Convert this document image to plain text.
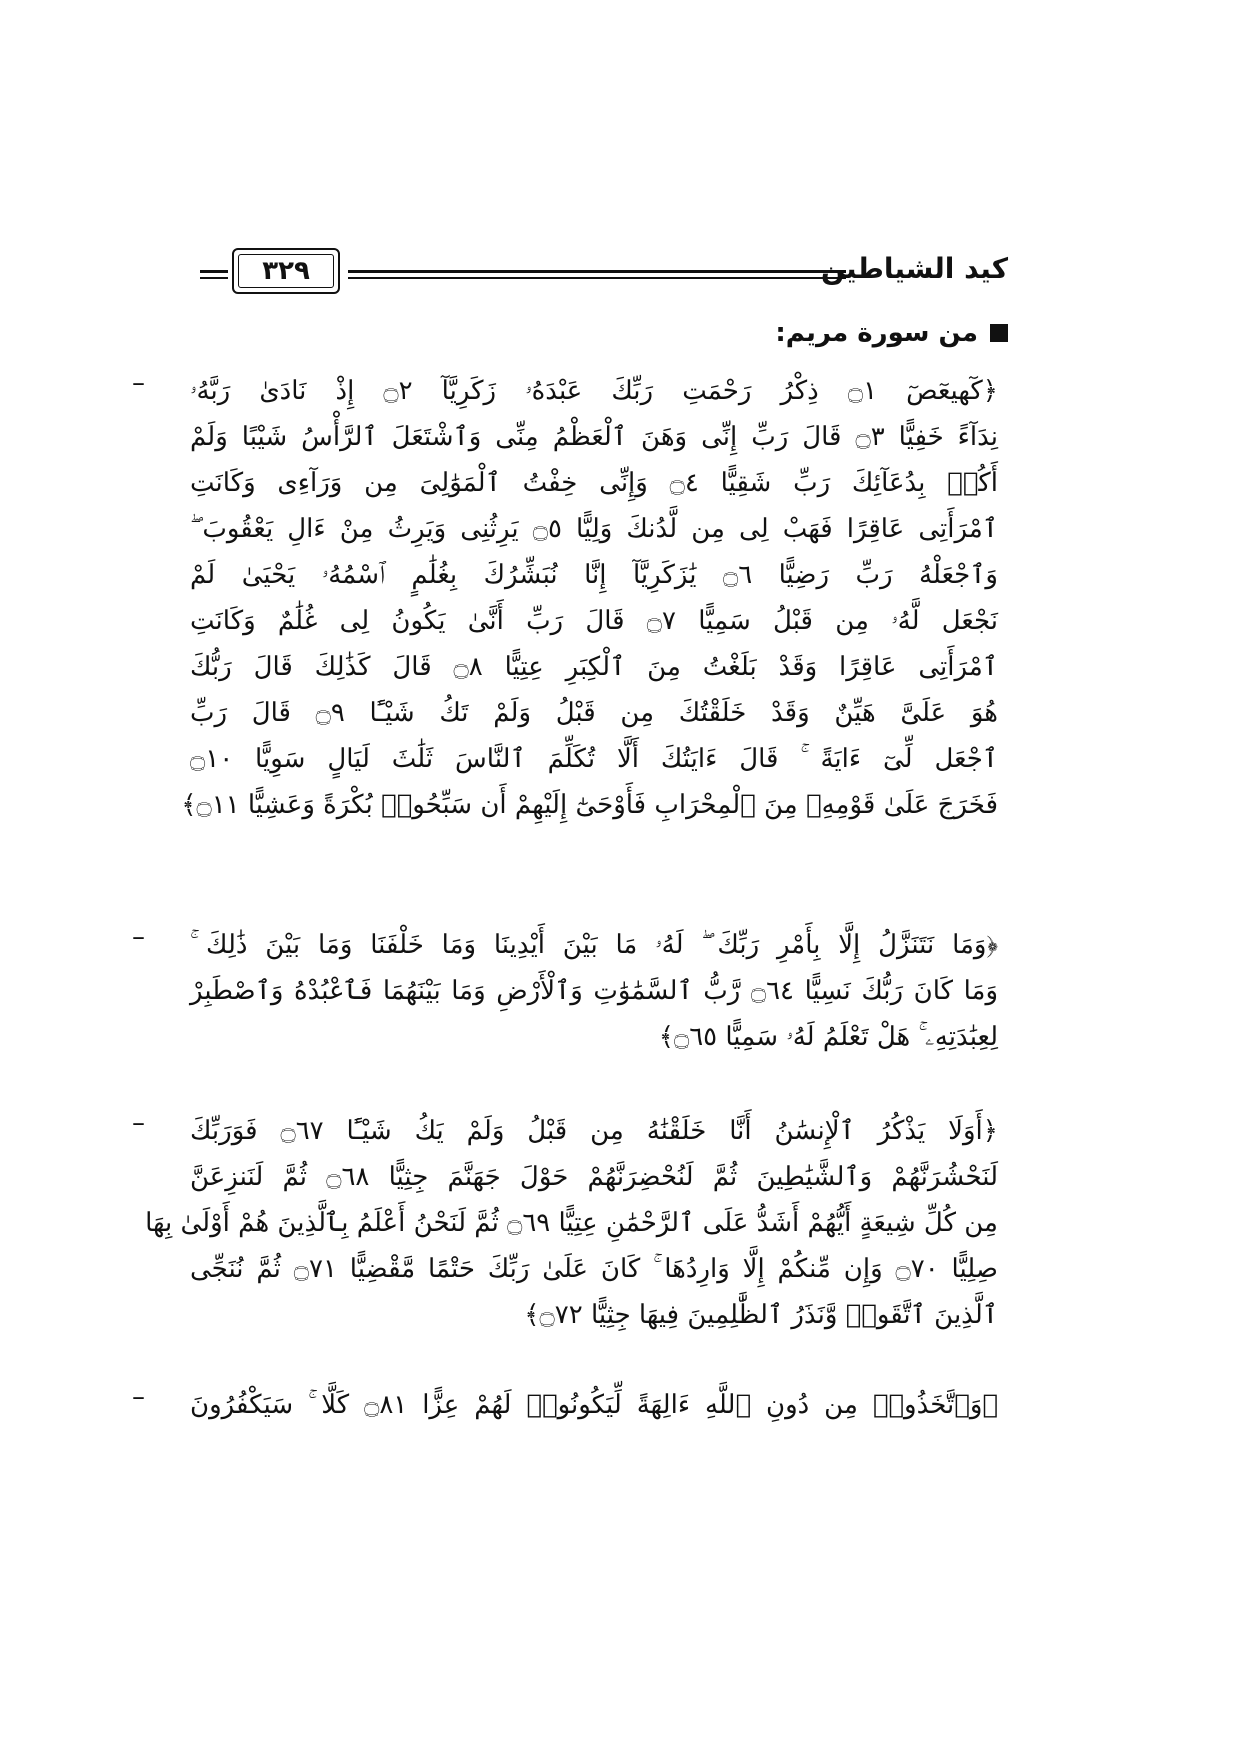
كيد الشياطين
٣٢٩
من سورة مريم:
– ﴿كٓهيعٓصٓ ۝١ ذِكْرُ رَحْمَتِ رَبِّكَ عَبْدَهُۥ زَكَرِيَّآ ۝٢ إِذْ نَادَىٰ رَبَّهُۥ
نِدَآءً خَفِيًّا ۝٣ قَالَ رَبِّ إِنِّى وَهَنَ ٱلْعَظْمُ مِنِّى وَٱشْتَعَلَ ٱلرَّأْسُ شَيْبًا وَلَمْ
أَكُنۢ بِدُعَآئِكَ رَبِّ شَقِيًّا ۝٤ وَإِنِّى خِفْتُ ٱلْمَوَٰلِىَ مِن وَرَآءِى وَكَانَتِ
ٱمْرَأَتِى عَاقِرًا فَهَبْ لِى مِن لَّدُنكَ وَلِيًّا ۝٥ يَرِثُنِى وَيَرِثُ مِنْ ءَالِ يَعْقُوبَ ۖ
وَٱجْعَلْهُ رَبِّ رَضِيًّا ۝٦ يَٰزَكَرِيَّآ إِنَّا نُبَشِّرُكَ بِغُلَٰمٍ ٱسْمُهُۥ يَحْيَىٰ لَمْ
نَجْعَل لَّهُۥ مِن قَبْلُ سَمِيًّا ۝٧ قَالَ رَبِّ أَنَّىٰ يَكُونُ لِى غُلَٰمٌ وَكَانَتِ
ٱمْرَأَتِى عَاقِرًا وَقَدْ بَلَغْتُ مِنَ ٱلْكِبَرِ عِتِيًّا ۝٨ قَالَ كَذَٰلِكَ قَالَ رَبُّكَ
هُوَ عَلَىَّ هَيِّنٌ وَقَدْ خَلَقْتُكَ مِن قَبْلُ وَلَمْ تَكُ شَيْـًٔا ۝٩ قَالَ رَبِّ
ٱجْعَل لِّىٓ ءَايَةً ۚ قَالَ ءَايَتُكَ أَلَّا تُكَلِّمَ ٱلنَّاسَ ثَلَٰثَ لَيَالٍ سَوِيًّا ۝١٠
فَخَرَجَ عَلَىٰ قَوْمِهِۦ مِنَ ٱلْمِحْرَابِ فَأَوْحَىٰٓ إِلَيْهِمْ أَن سَبِّحُوا۟ بُكْرَةً وَعَشِيًّا ۝١١﴾
– ﴿وَمَا نَتَنَزَّلُ إِلَّا بِأَمْرِ رَبِّكَ ۖ لَهُۥ مَا بَيْنَ أَيْدِينَا وَمَا خَلْفَنَا وَمَا بَيْنَ ذَٰلِكَ ۚ
وَمَا كَانَ رَبُّكَ نَسِيًّا ۝٦٤ رَّبُّ ٱلسَّمَٰوَٰتِ وَٱلْأَرْضِ وَمَا بَيْنَهُمَا فَٱعْبُدْهُ وَٱصْطَبِرْ
لِعِبَٰدَتِهِۦ ۚ هَلْ تَعْلَمُ لَهُۥ سَمِيًّا ۝٦٥﴾
– ﴿أَوَلَا يَذْكُرُ ٱلْإِنسَٰنُ أَنَّا خَلَقْنَٰهُ مِن قَبْلُ وَلَمْ يَكُ شَيْـًٔا ۝٦٧ فَوَرَبِّكَ
لَنَحْشُرَنَّهُمْ وَٱلشَّيَٰطِينَ ثُمَّ لَنُحْضِرَنَّهُمْ حَوْلَ جَهَنَّمَ جِثِيًّا ۝٦٨ ثُمَّ لَنَنزِعَنَّ
مِن كُلِّ شِيعَةٍ أَيُّهُمْ أَشَدُّ عَلَى ٱلرَّحْمَٰنِ عِتِيًّا ۝٦٩ ثُمَّ لَنَحْنُ أَعْلَمُ بِٱلَّذِينَ هُمْ أَوْلَىٰ بِهَا
صِلِيًّا ۝٧٠ وَإِن مِّنكُمْ إِلَّا وَارِدُهَا ۚ كَانَ عَلَىٰ رَبِّكَ حَتْمًا مَّقْضِيًّا ۝٧١ ثُمَّ نُنَجِّى
ٱلَّذِينَ ٱتَّقَوا۟ وَّنَذَرُ ٱلظَّٰلِمِينَ فِيهَا جِثِيًّا ۝٧٢﴾
– ﴿وَٱتَّخَذُوا۟ مِن دُونِ ٱللَّهِ ءَالِهَةً لِّيَكُونُوا۟ لَهُمْ عِزًّا ۝٨١ كَلَّا ۚ سَيَكْفُرُونَ
